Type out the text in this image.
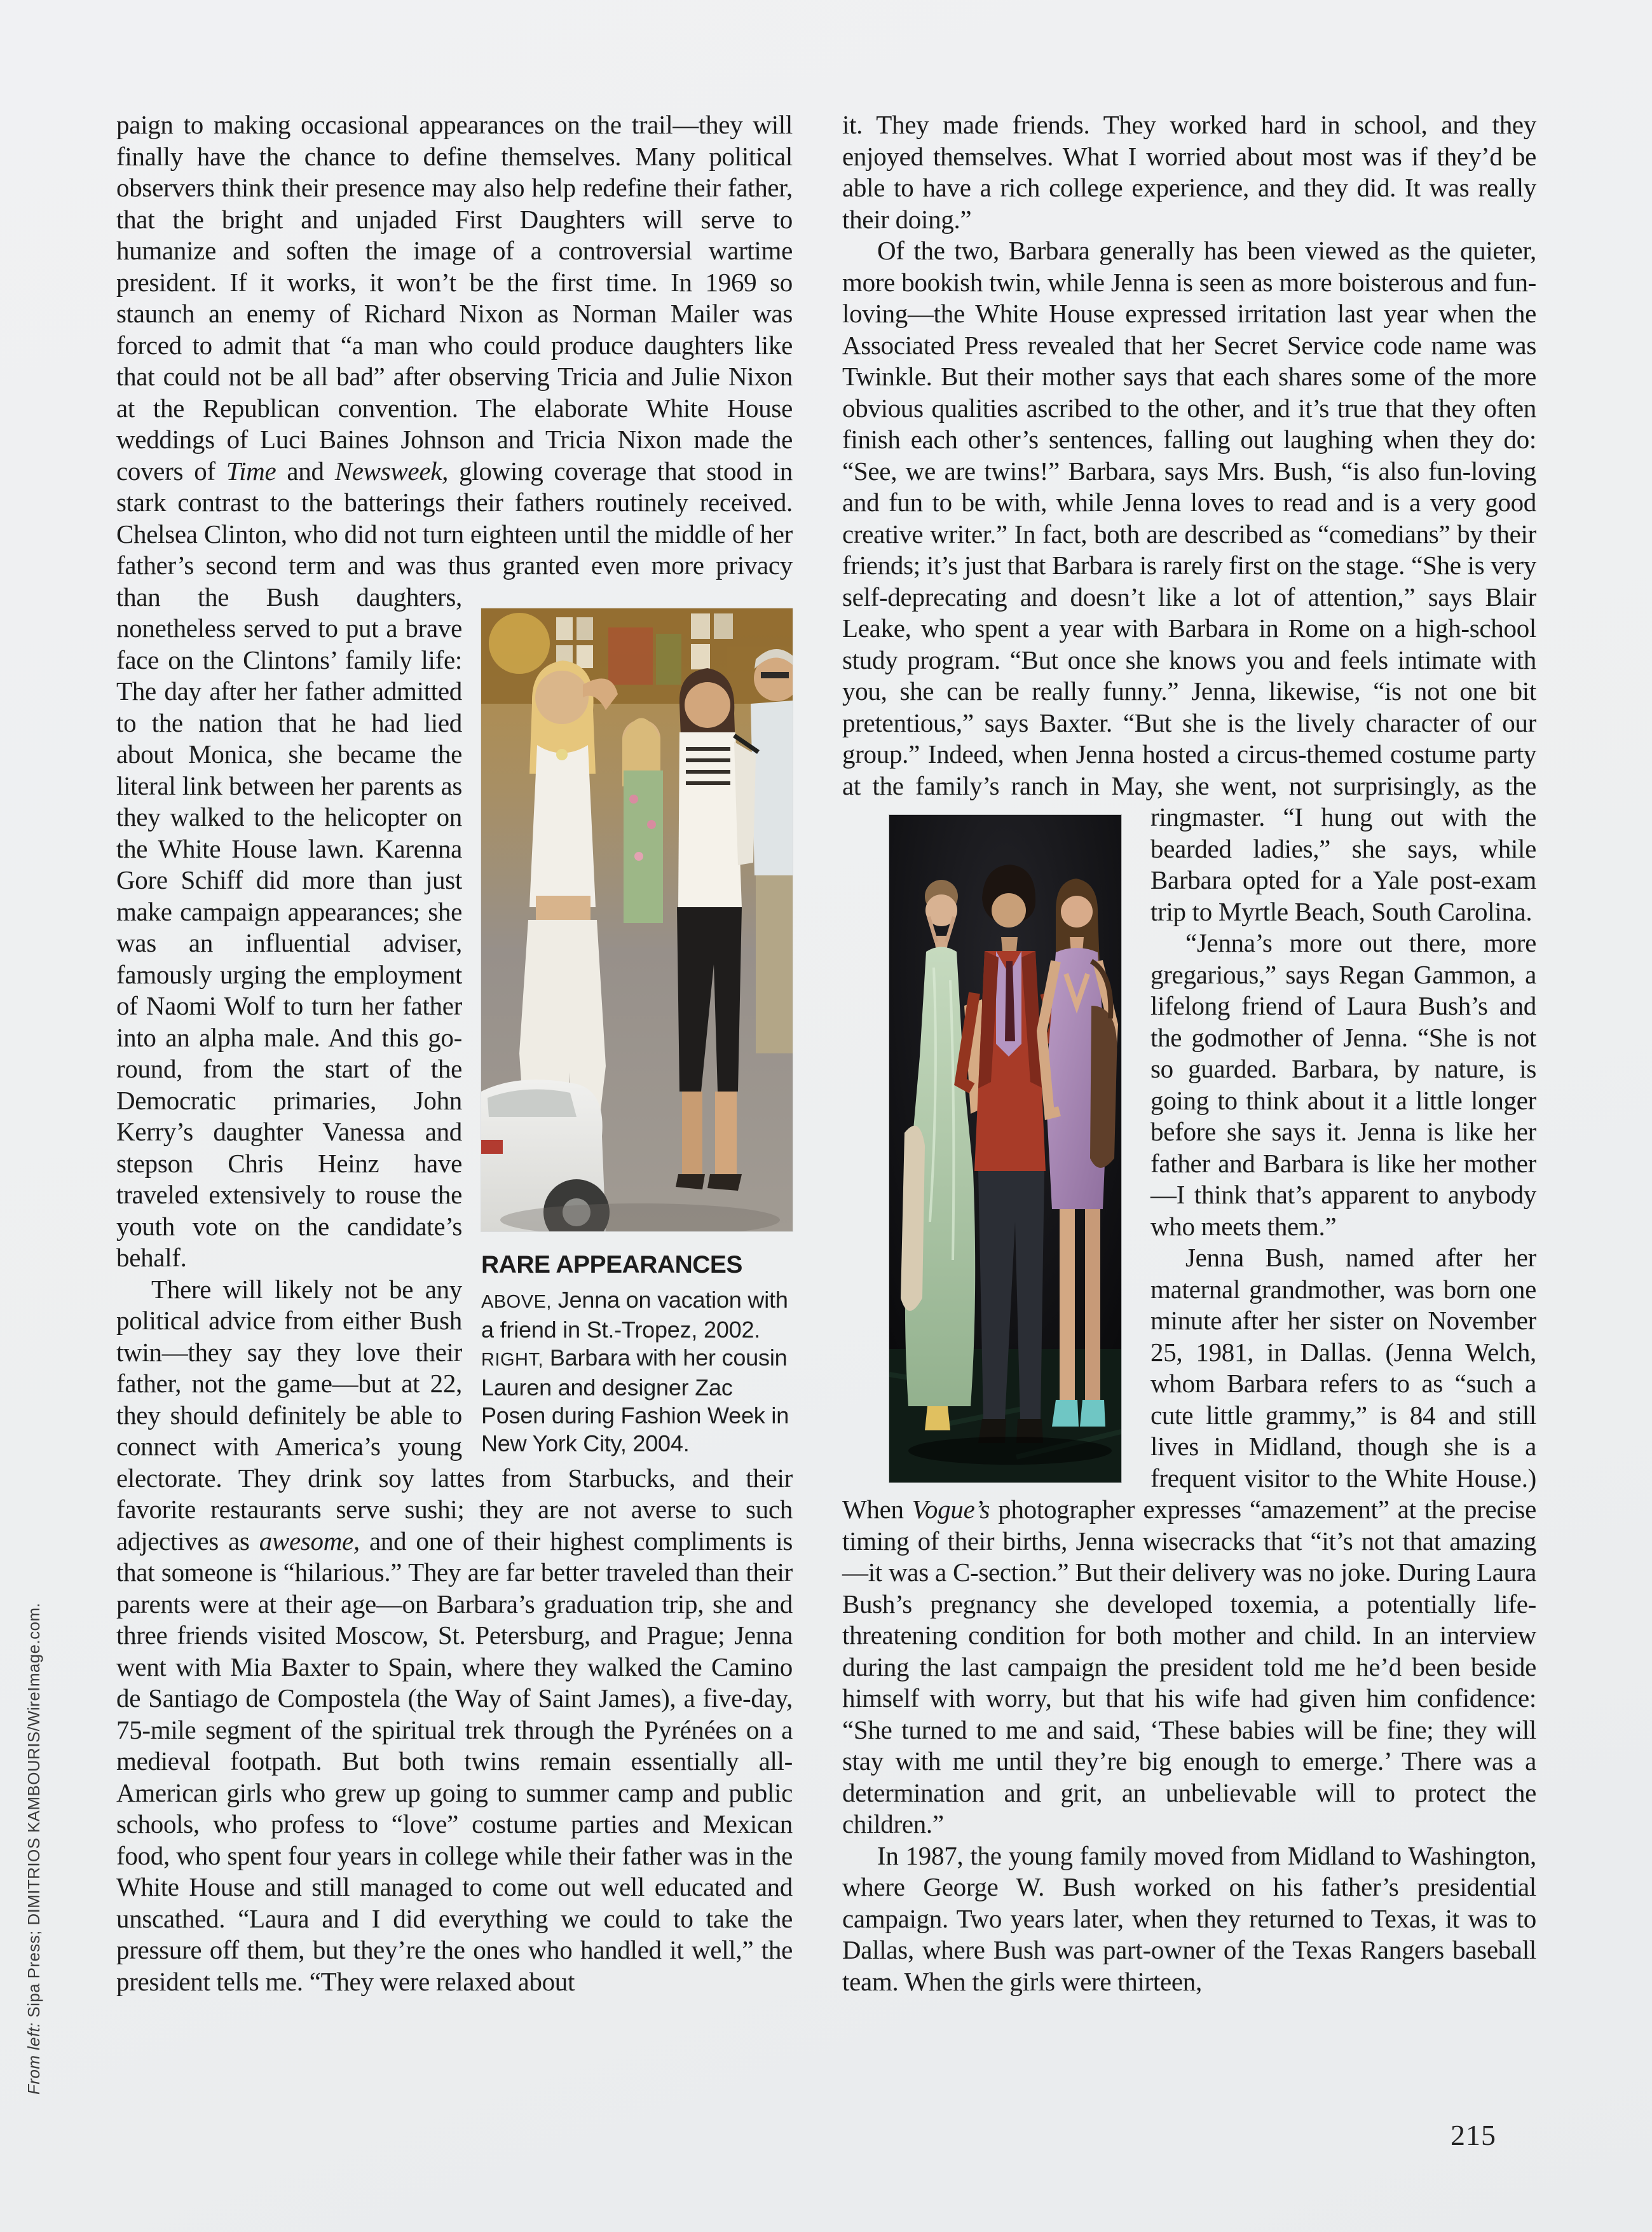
RARE APPEARANCES
ABOVE, Jenna on vacation with a friend in St.-Tropez, 2002. RIGHT, Barbara with her cousin Lauren and designer Zac Posen during Fashion Week in New York City, 2004.

paign to making occasional appearances on the trail—they will finally have the chance to define themselves. Many political observers think their presence may also help redefine their father, that the bright and unjaded First Daughters will serve to humanize and soften the image of a controversial wartime president. If it works, it won’t be the first time. In 1969 so staunch an enemy of Richard Nixon as Norman Mailer was forced to admit that “a man who could produce daughters like that could not be all bad” after observing Tricia and Julie Nixon at the Republican convention. The elaborate White House weddings of Luci Baines Johnson and Tricia Nixon made the covers of Time and Newsweek, glowing coverage that stood in stark contrast to the batterings their fathers routinely received. Chelsea Clinton, who did not turn eighteen until the middle of her father’s second term and was thus granted even more privacy than the Bush daughters, nonetheless served to put a brave face on the Clintons’ family life: The day after her father admitted to the nation that he had lied about Monica, she became the literal link between her parents as they walked to the helicopter on the White House lawn. Karenna Gore Schiff did more than just make campaign appearances; she was an influential adviser, famously urging the employment of Naomi Wolf to turn her father into an alpha male. And this go-round, from the start of the Democratic primaries, John Kerry’s daughter Vanessa and stepson Chris Heinz have traveled extensively to rouse the youth vote on the candidate’s behalf.

There will likely not be any political advice from either Bush twin—they say they love their father, not the game—but at 22, they should definitely be able to connect with America’s young electorate. They drink soy lattes from Starbucks, and their favorite restaurants serve sushi; they are not averse to such adjectives as awesome, and one of their highest compliments is that someone is “hilarious.” They are far better traveled than their parents were at their age—on Barbara’s graduation trip, she and three friends visited Moscow, St. Petersburg, and Prague; Jenna went with Mia Baxter to Spain, where they walked the Camino de Santiago de Compostela (the Way of Saint James), a five-day, 75-mile segment of the spiritual trek through the Pyrénées on a medieval footpath. But both twins remain essentially all-American girls who grew up going to summer camp and public schools, who profess to “love” costume parties and Mexican food, who spent four years in college while their father was in the White House and still managed to come out well educated and unscathed. “Laura and I did everything we could to take the pressure off them, but they’re the ones who handled it well,” the president tells me. “They were relaxed about

it. They made friends. They worked hard in school, and they enjoyed themselves. What I worried about most was if they’d be able to have a rich college experience, and they did. It was really their doing.”

Of the two, Barbara generally has been viewed as the quieter, more bookish twin, while Jenna is seen as more boisterous and fun-loving—the White House expressed irritation last year when the Associated Press revealed that her Secret Service code name was Twinkle. But their mother says that each shares some of the more obvious qualities ascribed to the other, and it’s true that they often finish each other’s sentences, falling out laughing when they do: “See, we are twins!” Barbara, says Mrs. Bush, “is also fun-loving and fun to be with, while Jenna loves to read and is a very good creative writer.” In fact, both are described as “comedians” by their friends; it’s just that Barbara is rarely first on the stage. “She is very self-deprecating and doesn’t like a lot of attention,” says Blair Leake, who spent a year with Barbara in Rome on a high-school study program. “But once she knows you and feels intimate with you, she can be really funny.” Jenna, likewise, “is not one bit pretentious,” says Baxter. “But she is the lively character of our group.” Indeed, when Jenna hosted a circus-themed costume party at the family’s ranch in May, she went, not surprisingly, as the ringmaster. “I hung out with the bearded ladies,” she says, while Barbara opted for a Yale post-exam trip to Myrtle Beach, South Carolina.

“Jenna’s more out there, more gregarious,” says Regan Gammon, a lifelong friend of Laura Bush’s and the godmother of Jenna. “She is not so guarded. Barbara, by nature, is going to think about it a little longer before she says it. Jenna is like her father and Barbara is like her mother—I think that’s apparent to anybody who meets them.”

Jenna Bush, named after her maternal grandmother, was born one minute after her sister on November 25, 1981, in Dallas. (Jenna Welch, whom Barbara refers to as “such a cute little grammy,” is 84 and still lives in Midland, though she is a frequent visitor to the White House.) When Vogue’s photographer expresses “amazement” at the precise timing of their births, Jenna wisecracks that “it’s not that amazing—it was a C-section.” But their delivery was no joke. During Laura Bush’s pregnancy she developed toxemia, a potentially life-threatening condition for both mother and child. In an interview during the last campaign the president told me he’d been beside himself with worry, but that his wife had given him confidence: “She turned to me and said, ‘These babies will be fine; they will stay with me until they’re big enough to emerge.’ There was a determination and grit, an unbelievable will to protect the children.”

In 1987, the young family moved from Midland to Washington, where George W. Bush worked on his father’s presidential campaign. Two years later, when they returned to Texas, it was to Dallas, where Bush was part-owner of the Texas Rangers baseball team. When the girls were thirteen,

From left: Sipa Press; DIMITRIOS KAMBOURIS/WireImage.com.
215
